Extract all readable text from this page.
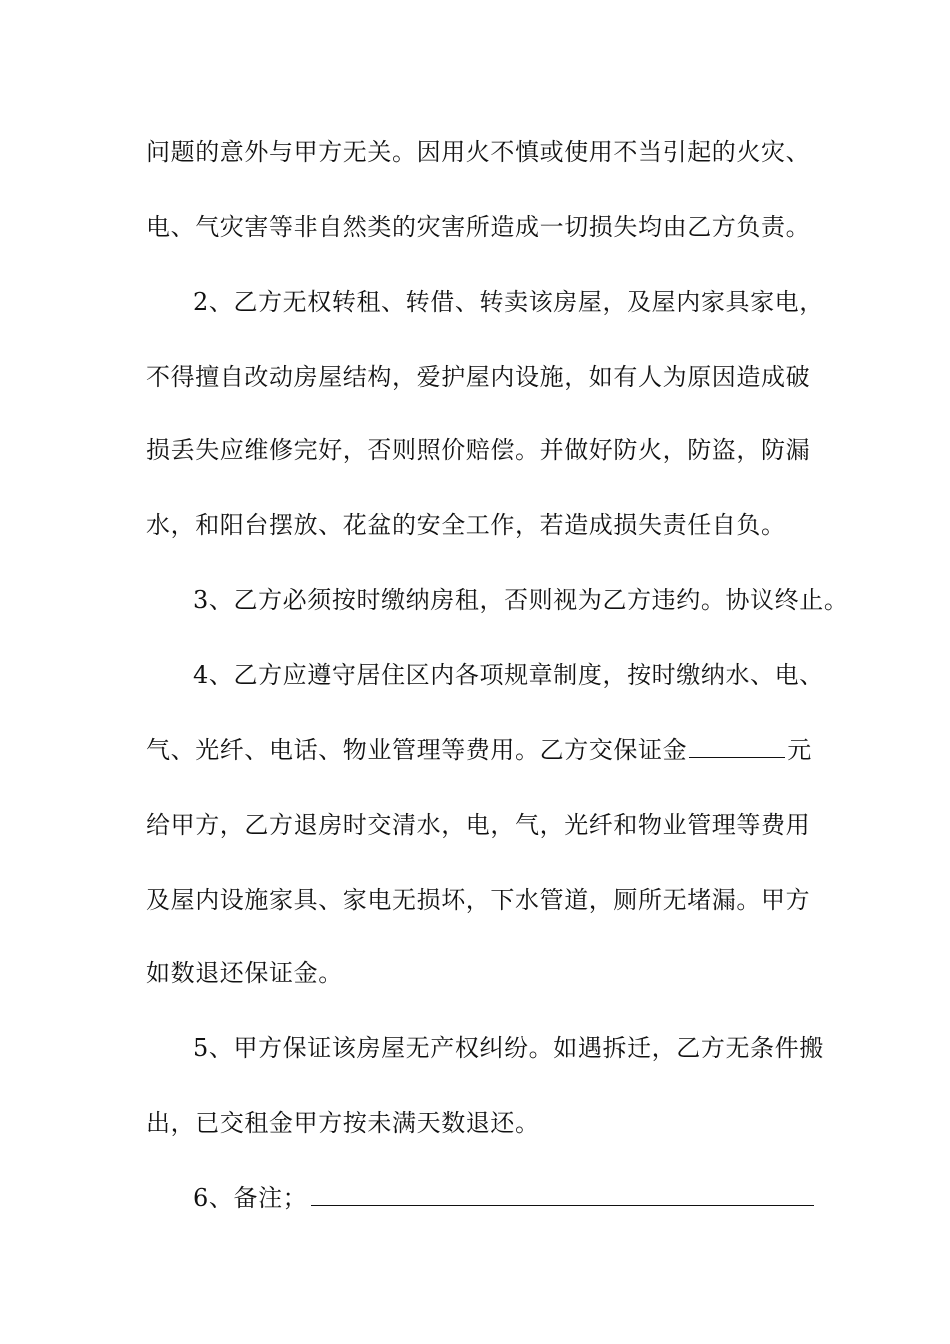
问题的意外与甲方无关。因用火不慎或使用不当引起的火灾、
电、气灾害等非自然类的灾害所造成一切损失均由乙方负责。
2、乙方无权转租、转借、转卖该房屋，及屋内家具家电，
不得擅自改动房屋结构，爱护屋内设施，如有人为原因造成破
损丢失应维修完好，否则照价赔偿。并做好防火，防盗，防漏
水，和阳台摆放、花盆的安全工作，若造成损失责任自负。
3、乙方必须按时缴纳房租，否则视为乙方违约。协议终止。
4、乙方应遵守居住区内各项规章制度，按时缴纳水、电、
气、光纤、电话、物业管理等费用。乙方交保证金	元
给甲方，乙方退房时交清水，电，气，光纤和物业管理等费用
及屋内设施家具、家电无损坏，下水管道，厕所无堵漏。甲方
如数退还保证金。
5、甲方保证该房屋无产权纠纷。如遇拆迁，乙方无条件搬
出，已交租金甲方按未满天数退还。
6、备注；
